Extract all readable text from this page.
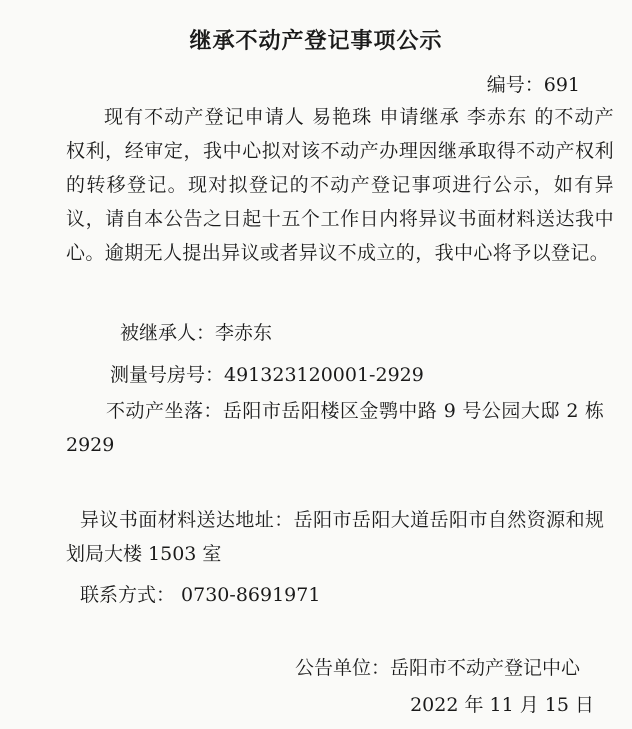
继承不动产登记事项公示
编号：691
现有不动产登记申请人 易艳珠 申请继承 李赤东 的不动产权利，经审定，我中心拟对该不动产办理因继承取得不动产权利的转移登记。现对拟登记的不动产登记事项进行公示，如有异议，请自本公告之日起十五个工作日内将异议书面材料送达我中心。逾期无人提出异议或者异议不成立的，我中心将予以登记。
被继承人：李赤东
测量号房号：491323120001-2929
不动产坐落：岳阳市岳阳楼区金鹗中路 9 号公园大邸 2 栋 2929
异议书面材料送达地址：岳阳市岳阳大道岳阳市自然资源和规划局大楼 1503 室
联系方式： 0730-8691971
公告单位：岳阳市不动产登记中心
2022 年 11 月 15 日
